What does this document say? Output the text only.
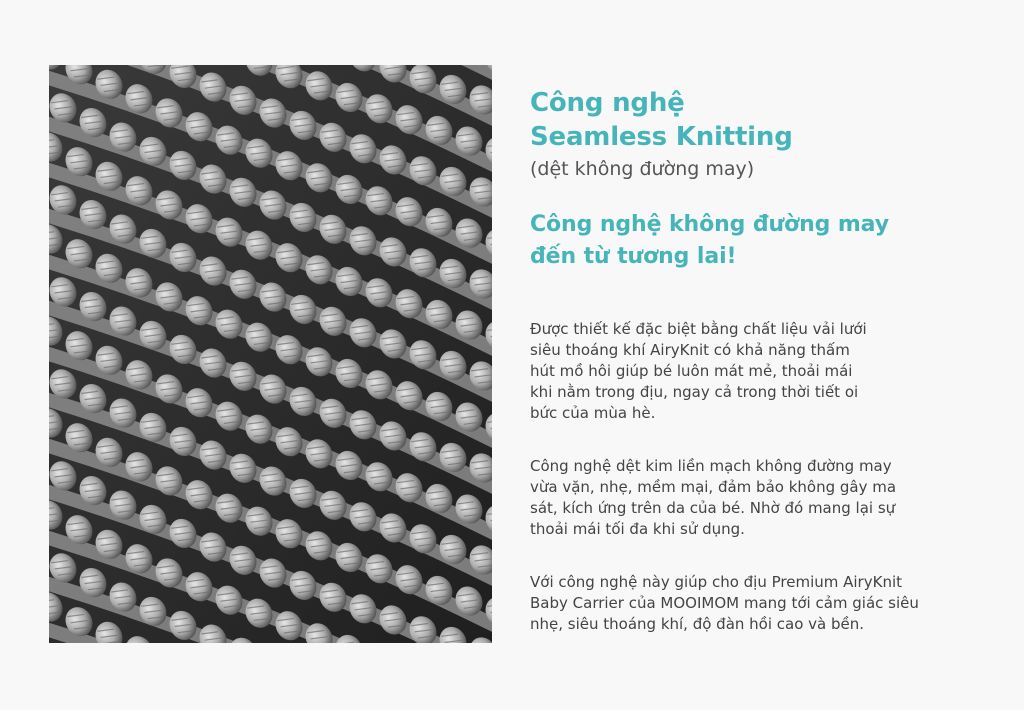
Công nghệ
Seamless Knitting

(dệt không đường may)

Công nghệ không đường may
đến từ tương lai!

Được thiết kế đặc biệt bằng chất liệu vải lưới
siêu thoáng khí AiryKnit có khả năng thấm
hút mồ hôi giúp bé luôn mát mẻ, thoải mái
khi nằm trong địu, ngay cả trong thời tiết oi
bức của mùa hè.

Công nghệ dệt kim liền mạch không đường may
vừa vặn, nhẹ, mềm mại, đảm bảo không gây ma
sát, kích ứng trên da của bé. Nhờ đó mang lại sự
thoải mái tối đa khi sử dụng.

Với công nghệ này giúp cho địu Premium AiryKnit
Baby Carrier của MOOIMOM mang tới cảm giác siêu
nhẹ, siêu thoáng khí, độ đàn hồi cao và bền.
